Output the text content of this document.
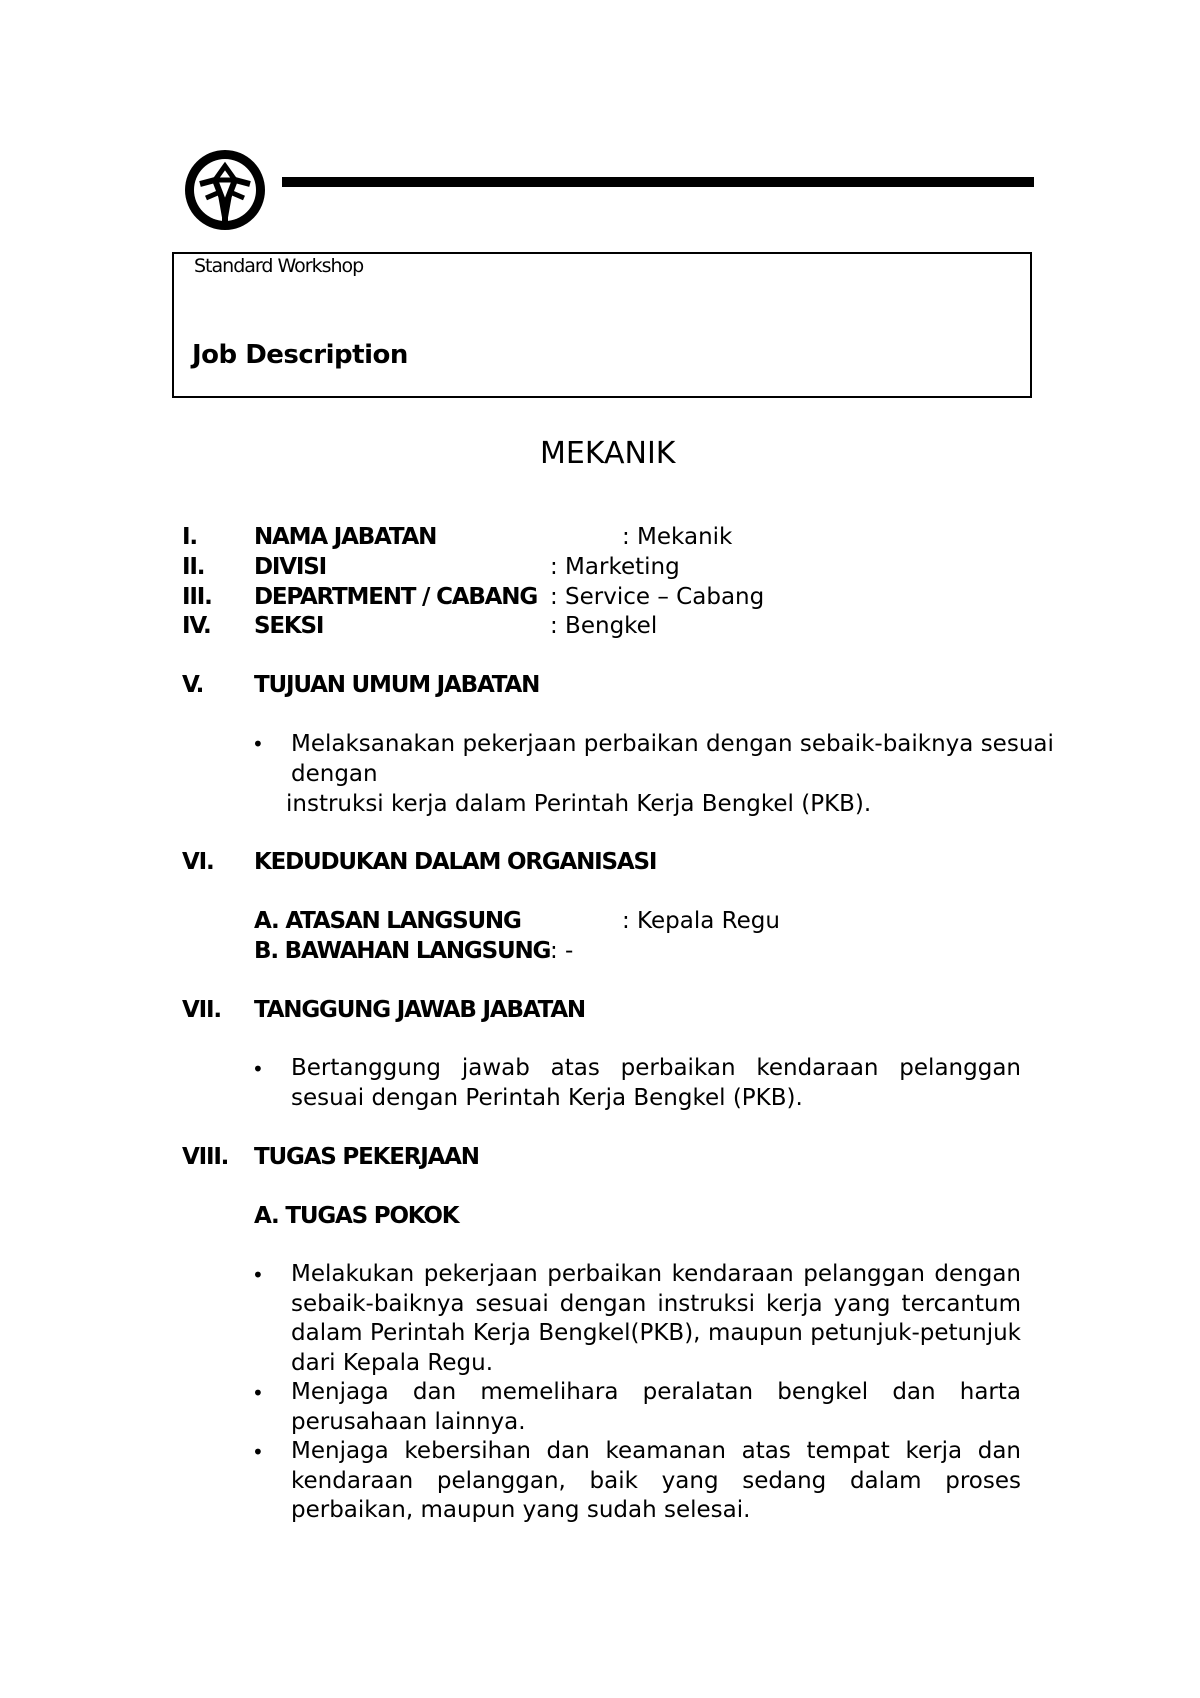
Standard Workshop
Job Description
MEKANIK
I. NAMA JABATAN	: Mekanik
II. DIVISI	: Marketing
III. DEPARTMENT / CABANG : Service – Cabang
IV. SEKSI	: Bengkel
V. TUJUAN UMUM JABATAN
• Melaksanakan pekerjaan perbaikan dengan sebaik-baiknya sesuai
dengan
instruksi kerja dalam Perintah Kerja Bengkel (PKB).
VI. KEDUDUKAN DALAM ORGANISASI
A. ATASAN LANGSUNG	: Kepala Regu
B. BAWAHAN LANGSUNG : -
VII. TANGGUNG JAWAB JABATAN
• Bertanggung jawab atas perbaikan kendaraan pelanggan sesuai dengan Perintah Kerja Bengkel (PKB).
VIII. TUGAS PEKERJAAN
A. TUGAS POKOK
• Melakukan pekerjaan perbaikan kendaraan pelanggan dengan sebaik-baiknya sesuai dengan instruksi kerja yang tercantum dalam Perintah Kerja Bengkel(PKB), maupun petunjuk-petunjuk dari Kepala Regu.
• Menjaga dan memelihara peralatan bengkel dan harta perusahaan lainnya.
• Menjaga kebersihan dan keamanan atas tempat kerja dan kendaraan pelanggan, baik yang sedang dalam proses perbaikan, maupun yang sudah selesai.
